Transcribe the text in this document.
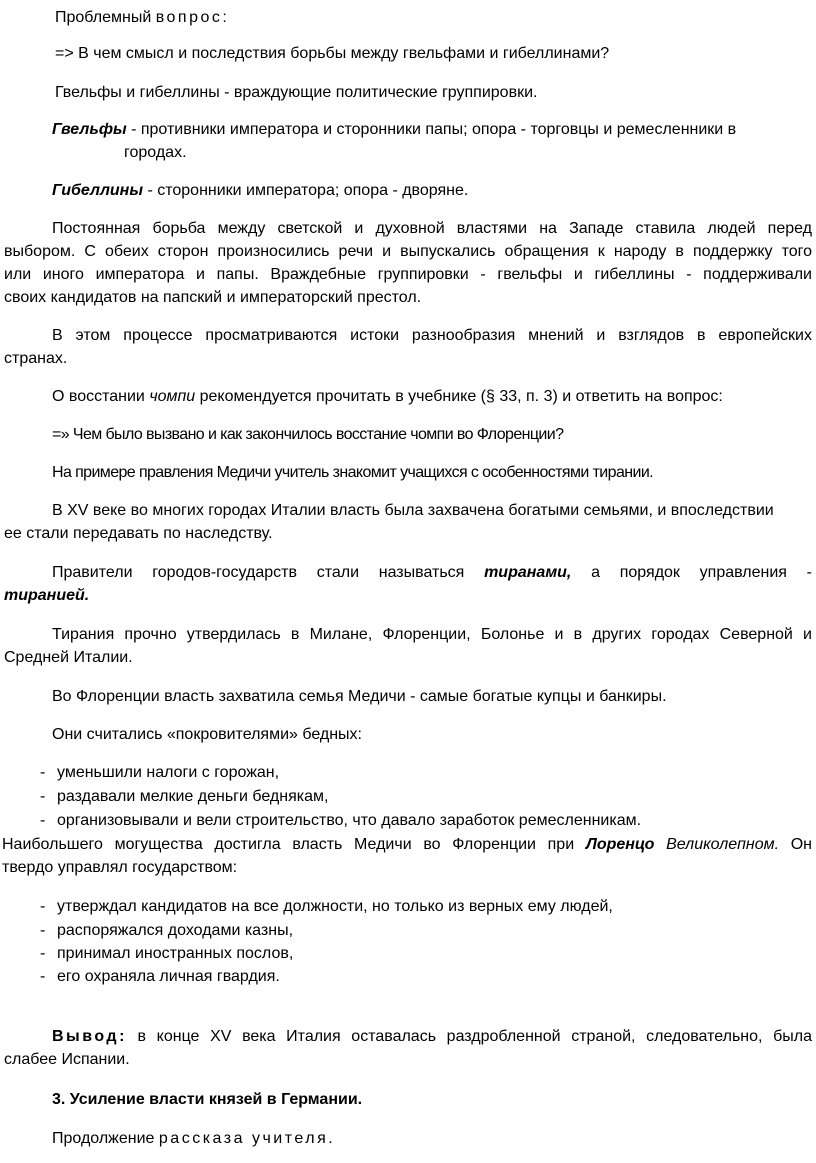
Проблемный вопрос:
=> В чем смысл и последствия борьбы между гвельфами и гибеллинами?
Гвельфы и гибеллины - враждующие политические группировки.
Гвельфы - противники императора и сторонники папы; опора - торговцы и ремесленники в
городах.
Гибеллины - сторонники императора; опора - дворяне.
Постоянная борьба между светской и духовной властями на Западе ставила людей перед
выбором. С обеих сторон произносились речи и выпускались обращения к народу в поддержку того
или иного императора и папы. Враждебные группировки - гвельфы и гибеллины - поддерживали
своих кандидатов на папский и императорский престол.
В этом процессе просматриваются истоки разнообразия мнений и взглядов в европейских
странах.
О восстании чомпи рекомендуется прочитать в учебнике (§ 33, п. 3) и ответить на вопрос:
=» Чем было вызвано и как закончилось восстание чомпи во Флоренции?
На примере правления Медичи учитель знакомит учащихся с особенностями тирании.
В XV веке во многих городах Италии власть была захвачена богатыми семьями, и впоследствии
ее стали передавать по наследству.
Правители городов-государств стали называться тиранами, а порядок управления -
тиранией.
Тирания прочно утвердилась в Милане, Флоренции, Болонье и в других городах Северной и
Средней Италии.
Во Флоренции власть захватила семья Медичи - самые богатые купцы и банкиры.
Они считались «покровителями» бедных:
- уменьшили налоги с горожан,
- раздавали мелкие деньги беднякам,
- организовывали и вели строительство, что давало заработок ремесленникам.
Наибольшего могущества достигла власть Медичи во Флоренции при Лоренцо Великолепном. Он
твердо управлял государством:
- утверждал кандидатов на все должности, но только из верных ему людей,
- распоряжался доходами казны,
- принимал иностранных послов,
- его охраняла личная гвардия.
Вывод: в конце XV века Италия оставалась раздробленной страной, следовательно, была
слабее Испании.
3. Усиление власти князей в Германии.
Продолжение рассказа учителя.
